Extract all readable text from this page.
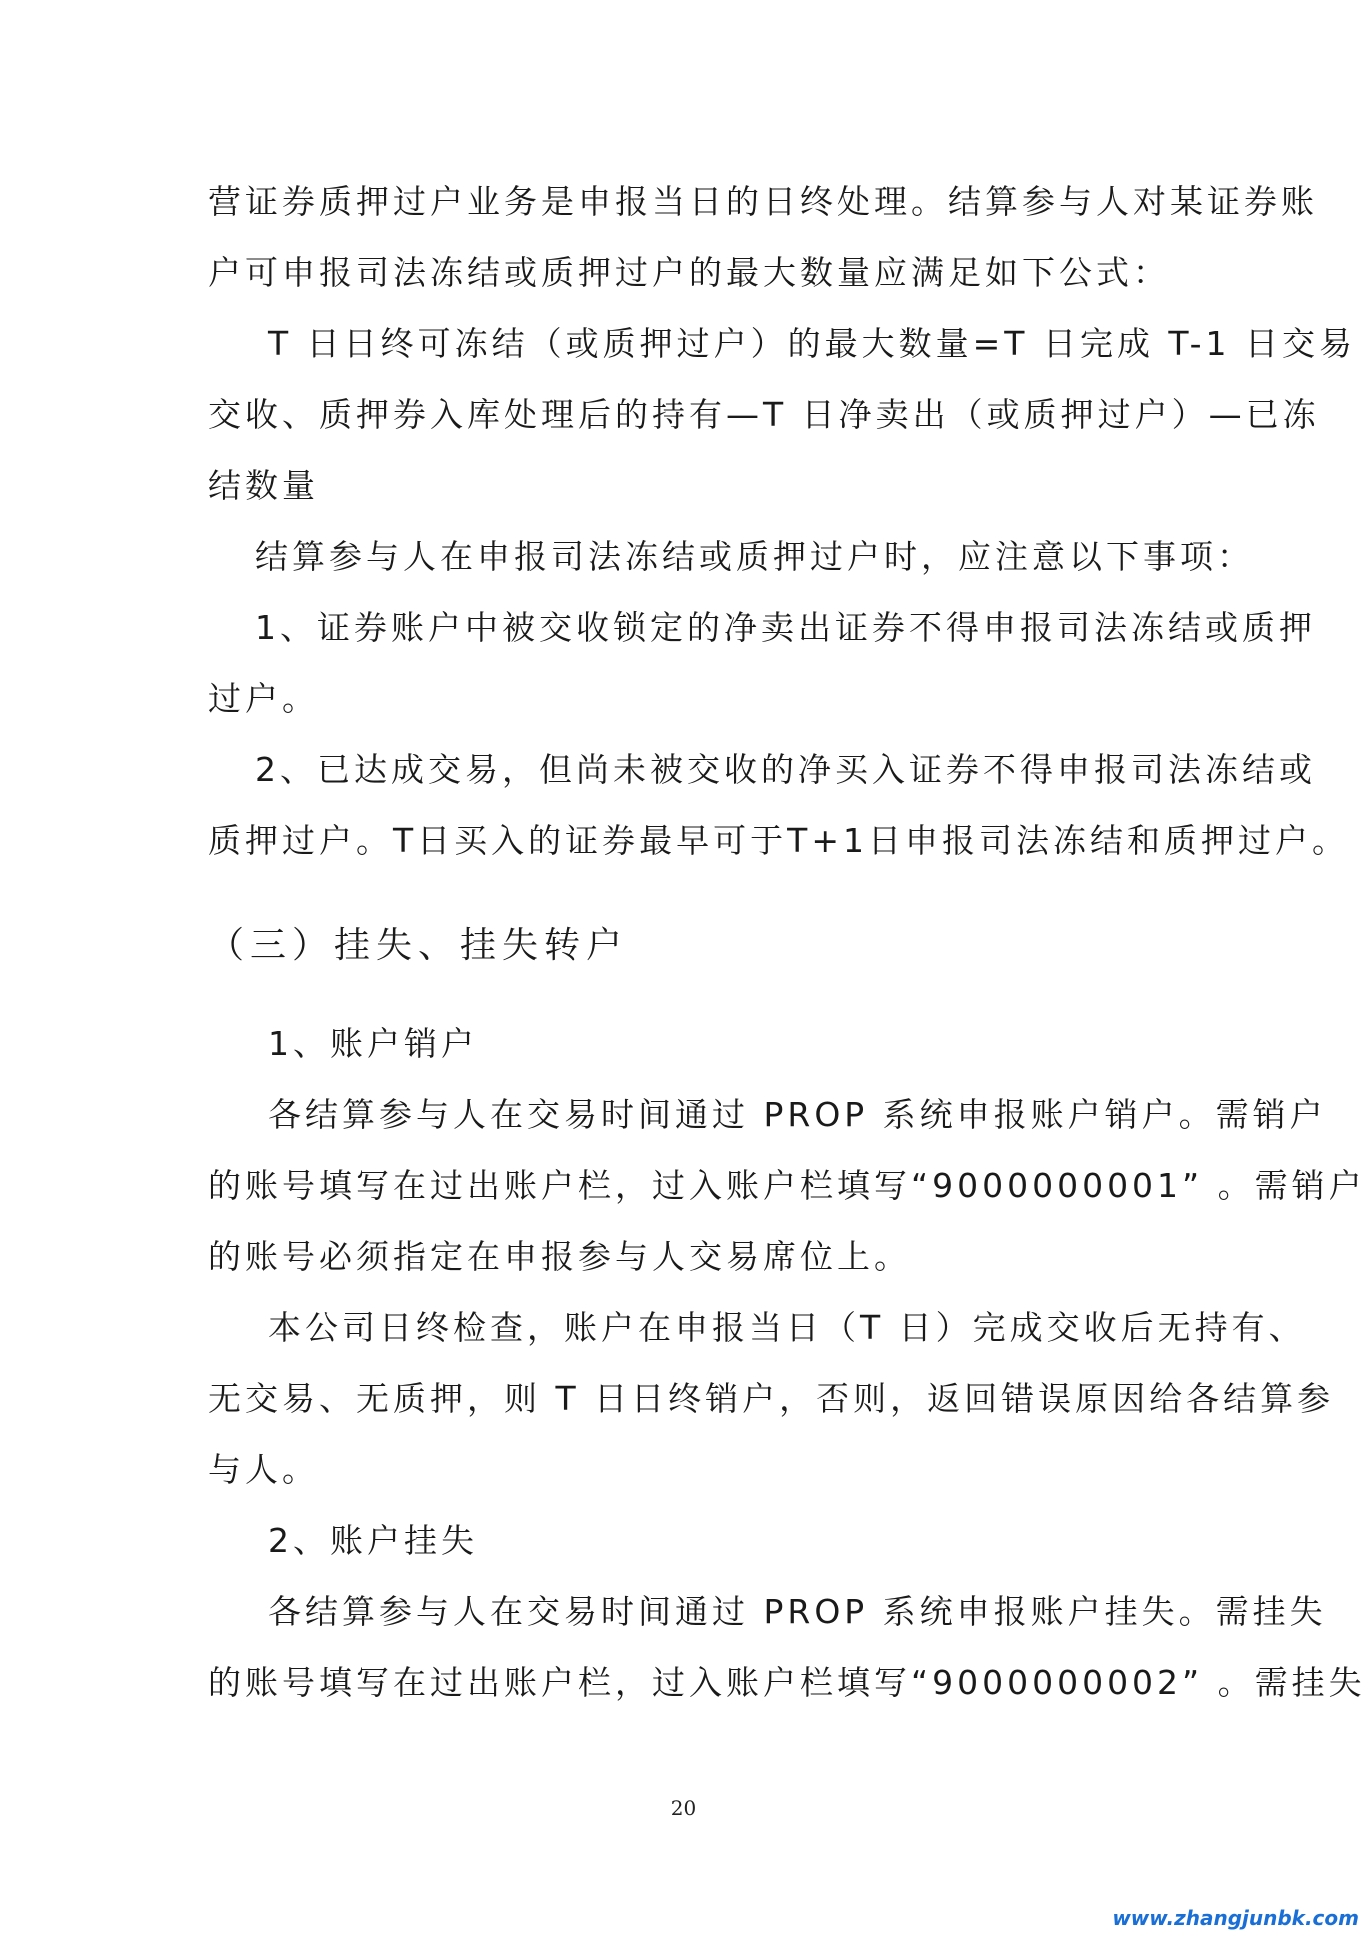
营证券质押过户业务是申报当日的日终处理。结算参与人对某证券账
户可申报司法冻结或质押过户的最大数量应满足如下公式：
T 日日终可冻结（或质押过户）的最大数量=T 日完成 T-1 日交易
交收、质押券入库处理后的持有—T 日净卖出（或质押过户）—已冻
结数量
结算参与人在申报司法冻结或质押过户时，应注意以下事项：
1、证券账户中被交收锁定的净卖出证券不得申报司法冻结或质押
过户。
2、已达成交易，但尚未被交收的净买入证券不得申报司法冻结或
质押过户。T日买入的证券最早可于T+1日申报司法冻结和质押过户。
（三）挂失、挂失转户
1、账户销户
各结算参与人在交易时间通过 PROP 系统申报账户销户。需销户
的账号填写在过出账户栏，过入账户栏填写“9000000001” 。需销户
的账号必须指定在申报参与人交易席位上。
本公司日终检查，账户在申报当日（T 日）完成交收后无持有、
无交易、无质押，则 T 日日终销户，否则，返回错误原因给各结算参
与人。
2、账户挂失
各结算参与人在交易时间通过 PROP 系统申报账户挂失。需挂失
的账号填写在过出账户栏，过入账户栏填写“9000000002” 。需挂失
20
www.zhangjunbk.com
